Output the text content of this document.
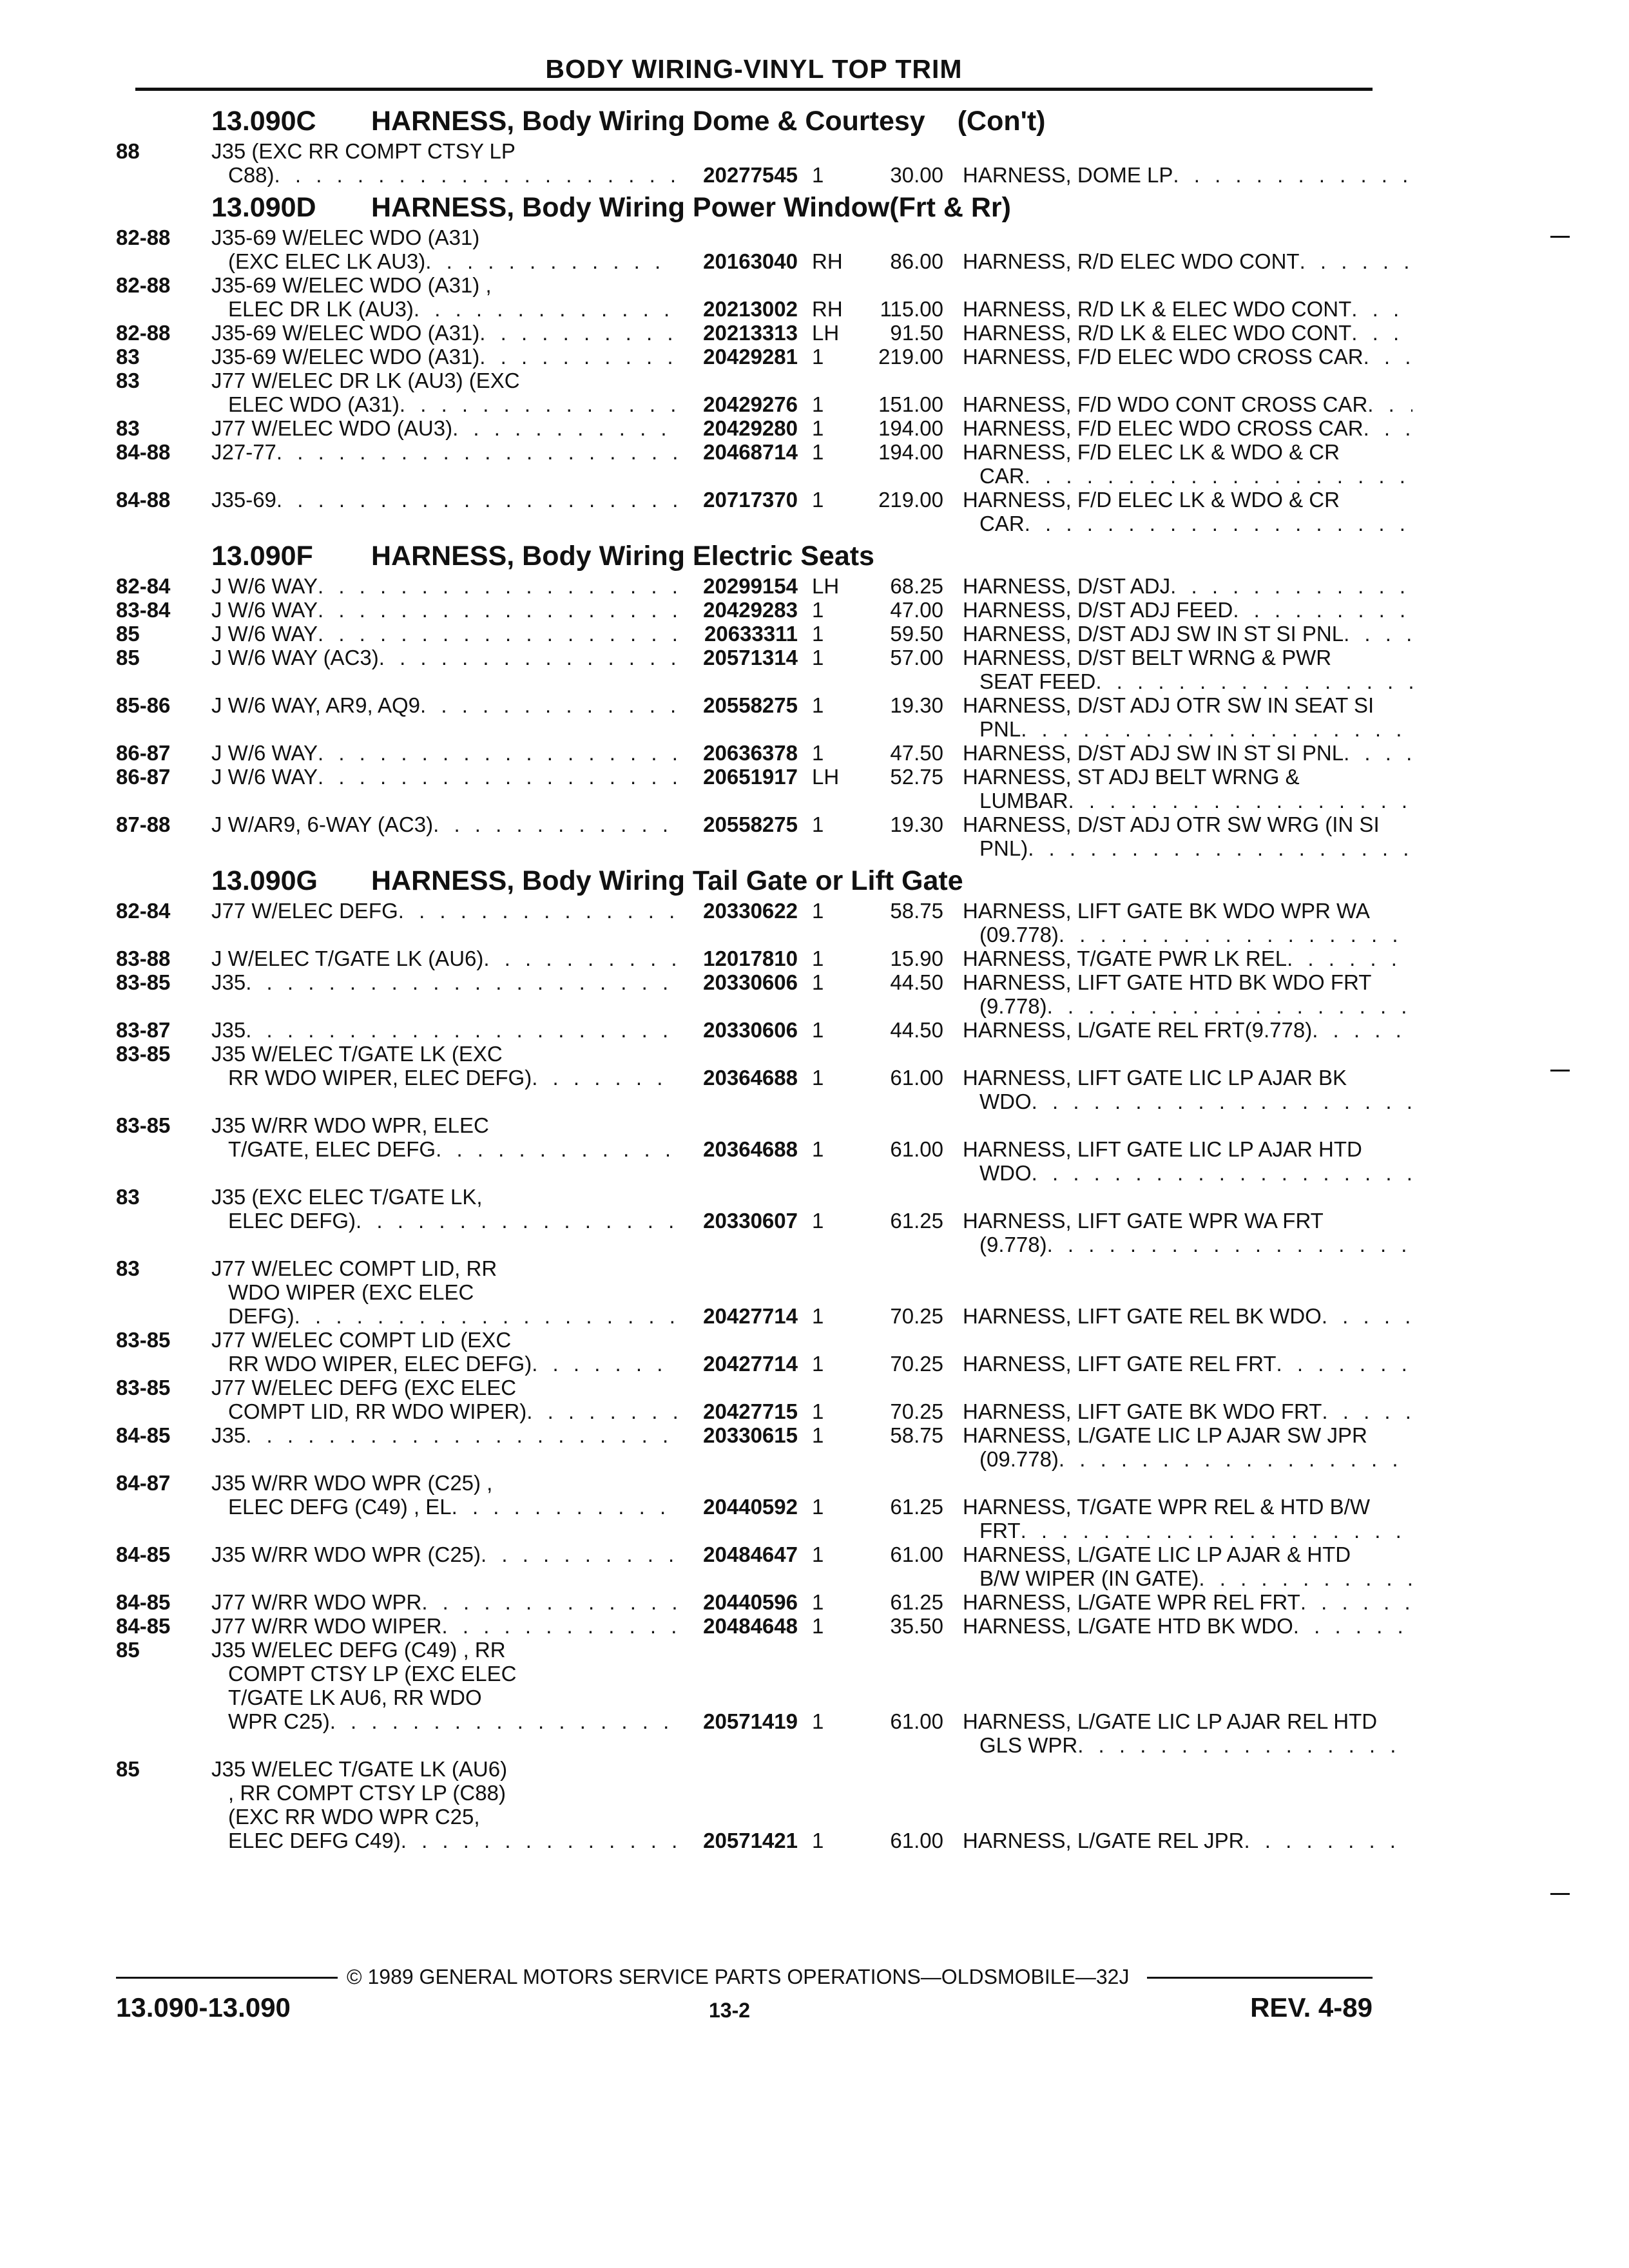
BODY WIRING-VINYL TOP TRIM
13.090C HARNESS, Body Wiring Dome & Courtesy (Con't)
88	J35 (EXC RR COMPT CTSY LP
C88) . . .	20277545 1	30.00 HARNESS, DOME LP
. . .
13.090D HARNESS, Body Wiring Power Window(Frt & Rr)
82-88	J35-69 W/ELEC WDO (A31)
(EXC ELEC LK AU3) . . .	20163040 RH	86.00 HARNESS, R/D ELEC WDO CONT
. . .
82-88	J35-69 W/ELEC WDO (A31) ,
ELEC DR LK (AU3) . . .	20213002 RH	115.00 HARNESS, R/D LK & ELEC WDO CONT
. . .
82-88	J35-69 W/ELEC WDO (A31) . . .	20213313 LH	91.50 HARNESS, R/D LK & ELEC WDO CONT
. . .
83	J35-69 W/ELEC WDO (A31) . . .	20429281 1	219.00 HARNESS, F/D ELEC WDO CROSS CAR
. . .
83	J77 W/ELEC DR LK (AU3) (EXC
ELEC WDO (A31) . . .	20429276 1	151.00 HARNESS, F/D WDO CONT CROSS CAR
. . .
83	J77 W/ELEC WDO (AU3) . . .	20429280 1	194.00 HARNESS, F/D ELEC WDO CROSS CAR
. . .
84-88	J27-77 . . .	20468714 1	194.00 HARNESS, F/D ELEC LK & WDO & CR
CAR
. . .
84-88	J35-69 . . .	20717370 1	219.00 HARNESS, F/D ELEC LK & WDO & CR
CAR
. . .
13.090F HARNESS, Body Wiring Electric Seats
82-84	J W/6 WAY . . .	20299154 LH	68.25 HARNESS, D/ST ADJ
. . .
83-84	J W/6 WAY . . .	20429283 1	47.00 HARNESS, D/ST ADJ FEED
. . .
85	J W/6 WAY . . .	20633311 1	59.50 HARNESS, D/ST ADJ SW IN ST SI PNL
. . .
85	J W/6 WAY (AC3) . . .	20571314 1	57.00 HARNESS, D/ST BELT WRNG & PWR
SEAT FEED
. . .
85-86	J W/6 WAY, AR9, AQ9 . . .	20558275 1	19.30 HARNESS, D/ST ADJ OTR SW IN SEAT SI
PNL
. . .
86-87	J W/6 WAY . . .	20636378 1	47.50 HARNESS, D/ST ADJ SW IN ST SI PNL
. . .
86-87	J W/6 WAY . . .	20651917 LH	52.75 HARNESS, ST ADJ BELT WRNG &
LUMBAR
. . .
87-88	J W/AR9, 6-WAY (AC3) . . .	20558275 1	19.30 HARNESS, D/ST ADJ OTR SW WRG (IN SI
PNL)
. . .
13.090G HARNESS, Body Wiring Tail Gate or Lift Gate
82-84	J77 W/ELEC DEFG . . .	20330622 1	58.75 HARNESS, LIFT GATE BK WDO WPR WA
(09.778)
. . .
83-88	J W/ELEC T/GATE LK (AU6) . . .	12017810 1	15.90 HARNESS, T/GATE PWR LK REL
. . .
83-85	J35 . . .	20330606 1	44.50 HARNESS, LIFT GATE HTD BK WDO FRT
(9.778)
. . .
83-87	J35 . . .	20330606 1	44.50 HARNESS, L/GATE REL FRT(9.778)
. . .
83-85	J35 W/ELEC T/GATE LK (EXC
RR WDO WIPER, ELEC DEFG) . . .	20364688 1	61.00 HARNESS, LIFT GATE LIC LP AJAR BK
WDO
. . .
83-85	J35 W/RR WDO WPR, ELEC
T/GATE, ELEC DEFG . . .	20364688 1	61.00 HARNESS, LIFT GATE LIC LP AJAR HTD
WDO
. . .
83	J35 (EXC ELEC T/GATE LK,
ELEC DEFG) . . .	20330607 1	61.25 HARNESS, LIFT GATE WPR WA FRT
(9.778)
. . .
83	J77 W/ELEC COMPT LID, RR
WDO WIPER (EXC ELEC
DEFG) . . .	20427714 1	70.25 HARNESS, LIFT GATE REL BK WDO
. . .
83-85	J77 W/ELEC COMPT LID (EXC
RR WDO WIPER, ELEC DEFG) . . .	20427714 1	70.25 HARNESS, LIFT GATE REL FRT
. . .
83-85	J77 W/ELEC DEFG (EXC ELEC
COMPT LID, RR WDO WIPER) . . .	20427715 1	70.25 HARNESS, LIFT GATE BK WDO FRT
. . .
84-85	J35 . . .	20330615 1	58.75 HARNESS, L/GATE LIC LP AJAR SW JPR
(09.778)
. . .
84-87	J35 W/RR WDO WPR (C25) ,
ELEC DEFG (C49) , EL . . .	20440592 1	61.25 HARNESS, T/GATE WPR REL & HTD B/W
FRT
. . .
84-85	J35 W/RR WDO WPR (C25) . . .	20484647 1	61.00 HARNESS, L/GATE LIC LP AJAR & HTD
B/W WIPER (IN GATE)
. . .
84-85	J77 W/RR WDO WPR . . .	20440596 1	61.25 HARNESS, L/GATE WPR REL FRT
. . .
84-85	J77 W/RR WDO WIPER . . .	20484648 1	35.50 HARNESS, L/GATE HTD BK WDO
. . .
85	J35 W/ELEC DEFG (C49) , RR
COMPT CTSY LP (EXC ELEC
T/GATE LK AU6, RR WDO
WPR C25) . . .	20571419 1	61.00 HARNESS, L/GATE LIC LP AJAR REL HTD
GLS WPR
. . .
85	J35 W/ELEC T/GATE LK (AU6)
, RR COMPT CTSY LP (C88)
(EXC RR WDO WPR C25,
ELEC DEFG C49) . . .	20571421 1	61.00 HARNESS, L/GATE REL JPR
. . .
© 1989 GENERAL MOTORS SERVICE PARTS OPERATIONS—OLDSMOBILE—32J
13.090-13.090	13-2	REV. 4-89
